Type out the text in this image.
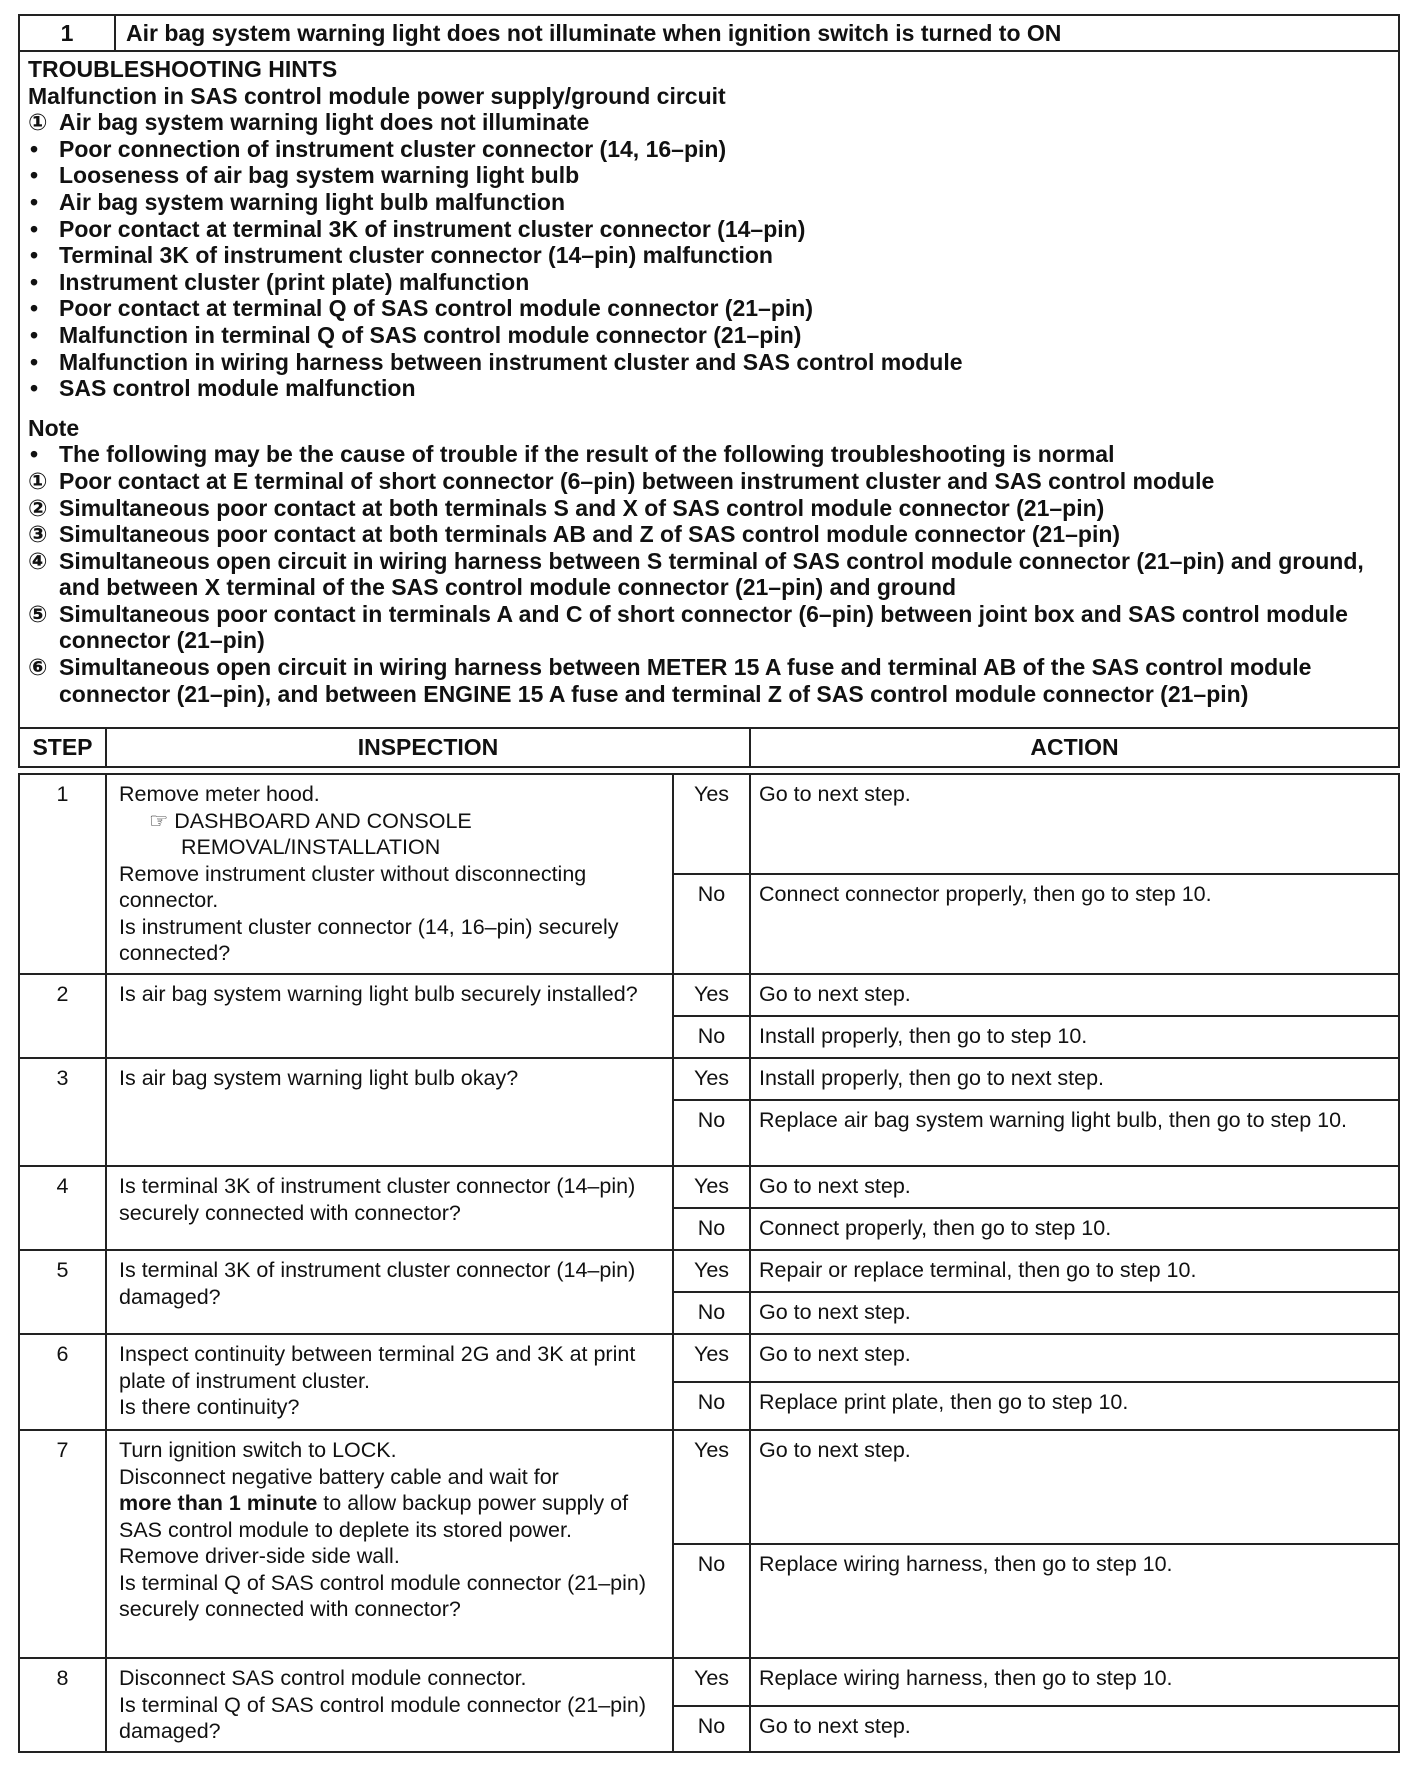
1	Air bag system warning light does not illuminate when ignition switch is turned to ON

TROUBLESHOOTING HINTS
Malfunction in SAS control module power supply/ground circuit
① Air bag system warning light does not illuminate
• Poor connection of instrument cluster connector (14, 16–pin)
• Looseness of air bag system warning light bulb
• Air bag system warning light bulb malfunction
• Poor contact at terminal 3K of instrument cluster connector (14–pin)
• Terminal 3K of instrument cluster connector (14–pin) malfunction
• Instrument cluster (print plate) malfunction
• Poor contact at terminal Q of SAS control module connector (21–pin)
• Malfunction in terminal Q of SAS control module connector (21–pin)
• Malfunction in wiring harness between instrument cluster and SAS control module
• SAS control module malfunction
Note
• The following may be the cause of trouble if the result of the following troubleshooting is normal
① Poor contact at E terminal of short connector (6–pin) between instrument cluster and SAS control module
② Simultaneous poor contact at both terminals S and X of SAS control module connector (21–pin)
③ Simultaneous poor contact at both terminals AB and Z of SAS control module connector (21–pin)
④ Simultaneous open circuit in wiring harness between S terminal of SAS control module connector (21–pin) and ground, and between X terminal of the SAS control module connector (21–pin) and ground
⑤ Simultaneous poor contact in terminals A and C of short connector (6–pin) between joint box and SAS control module connector (21–pin)
⑥ Simultaneous open circuit in wiring harness between METER 15 A fuse and terminal AB of the SAS control module connector (21–pin), and between ENGINE 15 A fuse and terminal Z of SAS control module connector (21–pin)
STEP	INSPECTION	ACTION
1	Remove meter hood.
☞ DASHBOARD AND CONSOLE
REMOVAL/INSTALLATION
Remove instrument cluster without disconnecting connector.
Is instrument cluster connector (14, 16–pin) securely connected?	Yes	Go to next step.
		No	Connect connector properly, then go to step 10.
2	Is air bag system warning light bulb securely installed?	Yes	Go to next step.
		No	Install properly, then go to step 10.
3	Is air bag system warning light bulb okay?	Yes	Install properly, then go to next step.
		No	Replace air bag system warning light bulb, then go to step 10.
4	Is terminal 3K of instrument cluster connector (14–pin) securely connected with connector?	Yes	Go to next step.
		No	Connect properly, then go to step 10.
5	Is terminal 3K of instrument cluster connector (14–pin) damaged?	Yes	Repair or replace terminal, then go to step 10.
		No	Go to next step.
6	Inspect continuity between terminal 2G and 3K at print plate of instrument cluster.
Is there continuity?	Yes	Go to next step.
		No	Replace print plate, then go to step 10.
7	Turn ignition switch to LOCK.
Disconnect negative battery cable and wait for
more than 1 minute to allow backup power supply of SAS control module to deplete its stored power.
Remove driver-side side wall.
Is terminal Q of SAS control module connector (21–pin) securely connected with connector?	Yes	Go to next step.
		No	Replace wiring harness, then go to step 10.
8	Disconnect SAS control module connector.
Is terminal Q of SAS control module connector (21–pin) damaged?	Yes	Replace wiring harness, then go to step 10.
		No	Go to next step.
